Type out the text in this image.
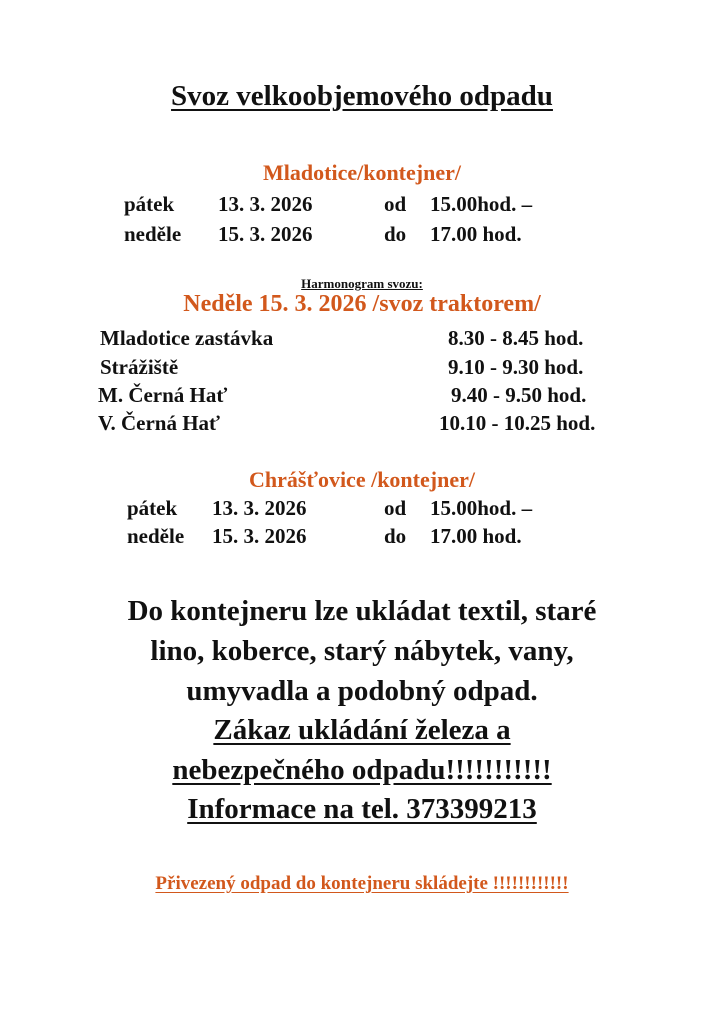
Svoz velkoobjemového odpadu
Mladotice/kontejner/
pátek 13. 3. 2026	od 15.00hod. –
neděle 15. 3. 2026	do 17.00 hod.
Harmonogram svozu:
Neděle 15. 3. 2026 /svoz traktorem/
Mladotice zastávka	8.30 - 8.45 hod.
Strážiště	9.10 - 9.30 hod.
M. Černá Hať	9.40 - 9.50 hod.
V. Černá Hať	10.10 - 10.25 hod.
Chrášťovice /kontejner/
pátek 13. 3. 2026	od 15.00hod. –
neděle 15. 3. 2026	do 17.00 hod.
Do kontejneru lze ukládat textil, staré
lino, koberce, starý nábytek, vany,
umyvadla a podobný odpad.
Zákaz ukládání železa a
nebezpečného odpadu!!!!!!!!!!!
Informace na tel. 373399213
Přivezený odpad do kontejneru skládejte !!!!!!!!!!!!
